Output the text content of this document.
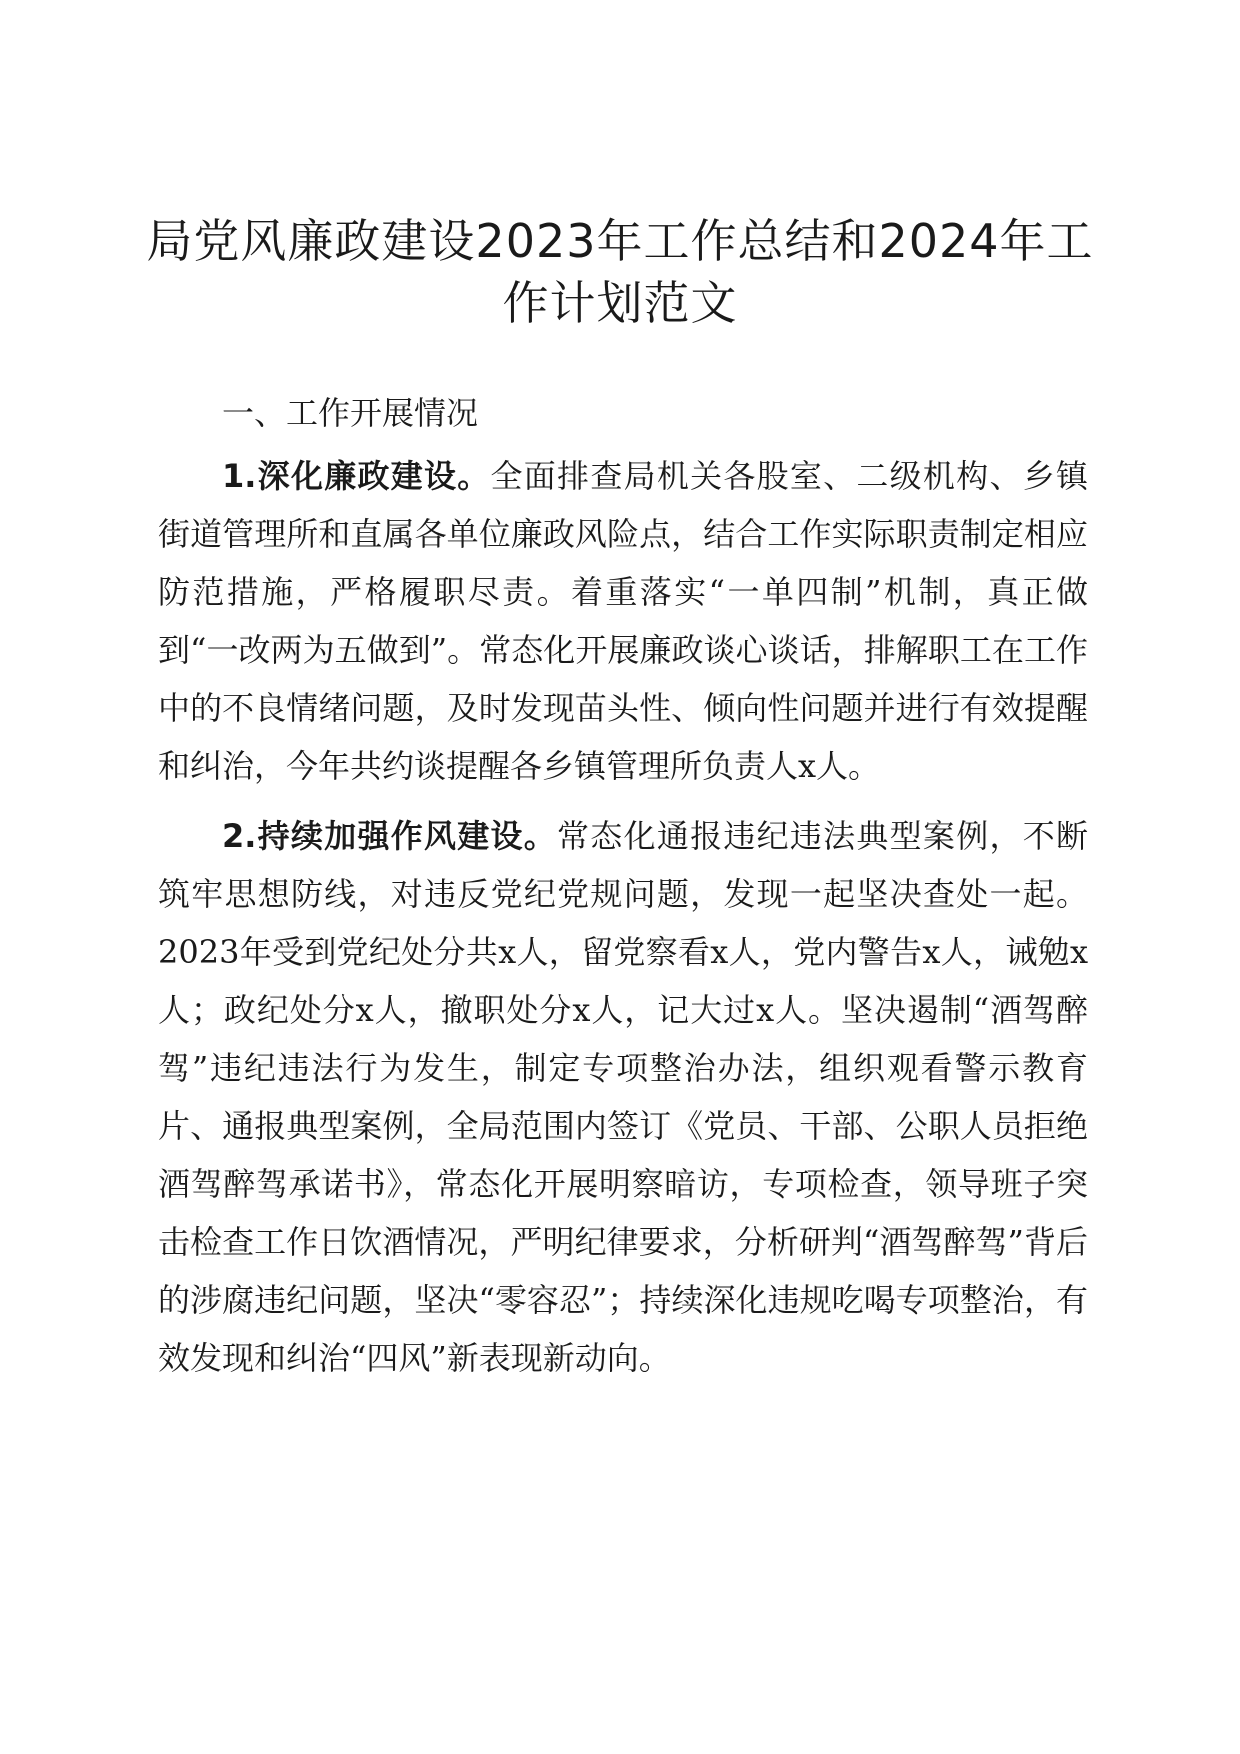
局党风廉政建设2023年工作总结和2024年工
作计划范文
一、工作开展情况

1.深化廉政建设。全面排查局机关各股室、二级机构、乡镇街道管理所和直属各单位廉政风险点，结合工作实际职责制定相应防范措施，严格履职尽责。着重落实“一单四制”机制，真正做到“一改两为五做到”。常态化开展廉政谈心谈话，排解职工在工作中的不良情绪问题，及时发现苗头性、倾向性问题并进行有效提醒和纠治，今年共约谈提醒各乡镇管理所负责人x人。

2.持续加强作风建设。常态化通报违纪违法典型案例，不断筑牢思想防线，对违反党纪党规问题，发现一起坚决查处一起。2023年受到党纪处分共x人，留党察看x人，党内警告x人，诫勉x人；政纪处分x人，撤职处分x人，记大过x人。坚决遏制“酒驾醉驾”违纪违法行为发生，制定专项整治办法，组织观看警示教育片、通报典型案例，全局范围内签订《党员、干部、公职人员拒绝酒驾醉驾承诺书》，常态化开展明察暗访，专项检查，领导班子突击检查工作日饮酒情况，严明纪律要求，分析研判“酒驾醉驾”背后的涉腐违纪问题，坚决“零容忍”；持续深化违规吃喝专项整治，有效发现和纠治“四风”新表现新动向。
